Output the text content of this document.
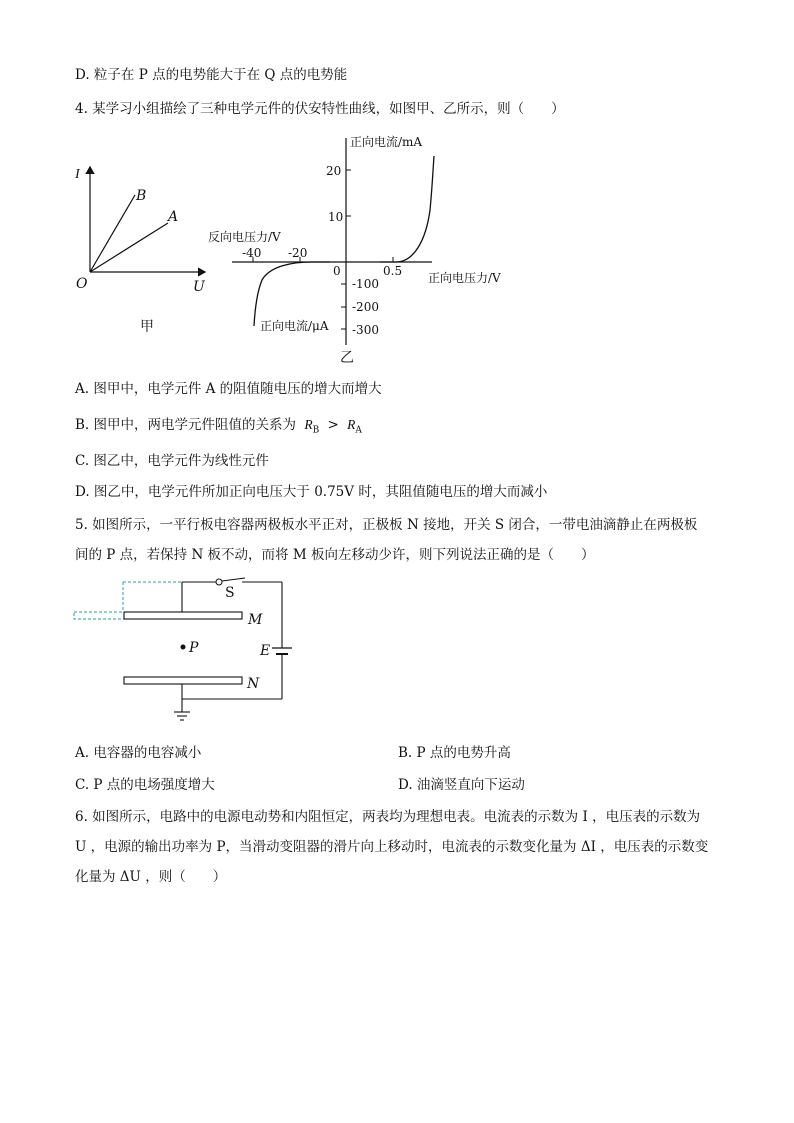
D. 粒子在 P 点的电势能大于在 Q 点的电势能
4. 某学习小组描绘了三种电学元件的伏安特性曲线，如图甲、乙所示，则（　　）
I
U
O
B
A
甲
正向电流/mA
反向电压力/V
正向电压力/V
正向电流/μA
20
10
-100
-200
-300
-40 -20
0	0.5
乙
A. 图甲中，电学元件 A 的阻值随电压的增大而增大
B. 图甲中，两电学元件阻值的关系为 $R_B > R_A$
C. 图乙中，电学元件为线性元件
D. 图乙中，电学元件所加正向电压大于 0.75V 时，其阻值随电压的增大而减小
5. 如图所示，一平行板电容器两极板水平正对，正极板 N 接地，开关 S 闭合，一带电油滴静止在两极板
间的 P 点，若保持 N 板不动，而将 M 板向左移动少许，则下列说法正确的是（　　）
S
M
P	E
N
A. 电容器的电容减小	B. P 点的电势升高
C. P 点的电场强度增大	D. 油滴竖直向下运动
6. 如图所示，电路中的电源电动势和内阻恒定，两表均为理想电表。电流表的示数为 I ，电压表的示数为
U ，电源的输出功率为 P，当滑动变阻器的滑片向上移动时，电流表的示数变化量为 ΔI ，电压表的示数变
化量为 ΔU ，则（　　）
